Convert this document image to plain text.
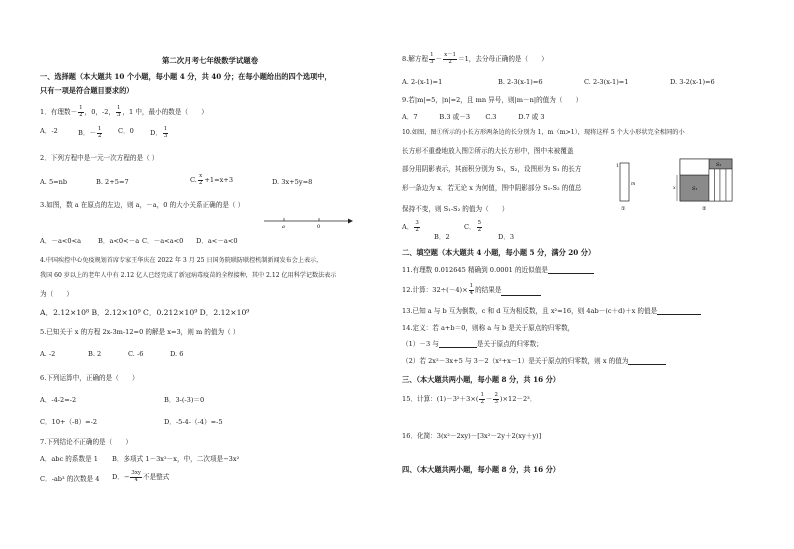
第二次月考七年级数学试题卷
一、选择题（本大题共 10 个小题，每小题 4 分，共 40 分；在每小题给出的四个选项中，
只有一项是符合题目要求的）
1．有理数－ $\frac{1}{2}$ ，0，-2， $\frac{1}{3}$ ，1 中，最小的数是（　　）
A．-2	B．－ $\frac{1}{2}$ C．0 D． $\frac{1}{3}$
2．下列方程中是一元一次方程的是（ ）
A. 5=nb	B. 2+5=7	C. $\frac{x}{2} +1=x+3$	D. 3x+5y=8
3.如图，数 a 在原点的左边，则 a，－a，0 的大小关系正确的是（ ）
a	0
A．－a<0<a	B．a<0<－a C．－a<a<0 D．a<－a<0
4.中国疾控中心免疫规划首席专家王华庆在 2022 年 3 月 25 日国务院联防联控机制新闻发布会上表示，
我国 60 岁以上的老年人中有 2.12 亿人已经完成了新冠病毒疫苗的全程接种，其中 2.12 亿用科学记数法表示
为（　　）
A．2.12×10⁸ B．2.12×10⁹ C．0.212×10⁹ D．2.12×10⁹
5.已知关于 x 的方程 2x-3m-12=0 的解是 x=3，则 m 的值为（ ）
A. -2	B. 2	C. -6	D. 6
6.下列运算中，正确的是（　　）
A．-4-2=-2	B．3-(-3)＝0
C．10+（-8）=-2	D．-5-4-（-4）=-5
7.下列结论不正确的是（　　）
A．abc 的系数是 1 B．多项式 1－3x²－x，中，二次项是−3x²
C．-ab³ 的次数是 4 D．− $\frac{3xy}{4}$ 不是整式
8.解方程 $\frac{1}{3} - \frac{x-1}{2} =1$，去分母正确的是（　　）
A. 2-(x-1)=1	B. 2-3(x-1)=6	C. 2-3(x-1)=1	D. 3-2(x-1)=6
9.若|m|=5，|n|=2，且 mn 异号，则|m－n|的值为（　　）
A．7　　　 B.3 或－3　　 C.3　　　 D.7 或 3
10.如图，图①所示的小长方形两条边的长分别为 1，m（m>1），现将这样 5 个大小形状完全相同的小
长方形不重叠地放入图②所示的大长方形中，图中未被覆盖
部分用阴影表示，其面积分别为 S₁，S₂，设图形为 S₁ 的长方
形一条边为 x．若无论 x 为何值，图中阴影部分 S₁-S₂ 的值总
保持不变，则 S₁-S₂ 的值为（　　）
1
m
①
S₁
S₂
x
②
A． $\frac{3}{2}$
B．2
C． $\frac{5}{2}$
D．3
二、填空题（本大题共 4 小题，每小题 5 分，满分 20 分）
11.有理数 0.012645 精确到 0.0001 的近似值是
12.计算：$32\div(-4)\times \frac{1}{4}$ 的结果是
13.已知 a 与 b 互为倒数，c 和 d 互为相反数，且 x²=16，则 4ab－(c＋d)＋x 的值是
14.定义：若 a+b＝0，则称 a 与 b 是关于原点的归零数，
（1）－3 与	是关于原点的归零数；
（2）若 2x²－3x+5 与 3－2（x²+x－1）是关于原点的归零数，则 x 的值为
三、（本大题共两小题，每小题 8 分，共 16 分）
15．计算：$(1)-3^2+3\times( \frac{1}{2} - \frac{2}{3} )\times 12-2^3$．
16．化简：3(x²－2xy)－[3x²－2y＋2(xy＋y)]
四、（本大题共两小题，每小题 8 分，共 16 分）
